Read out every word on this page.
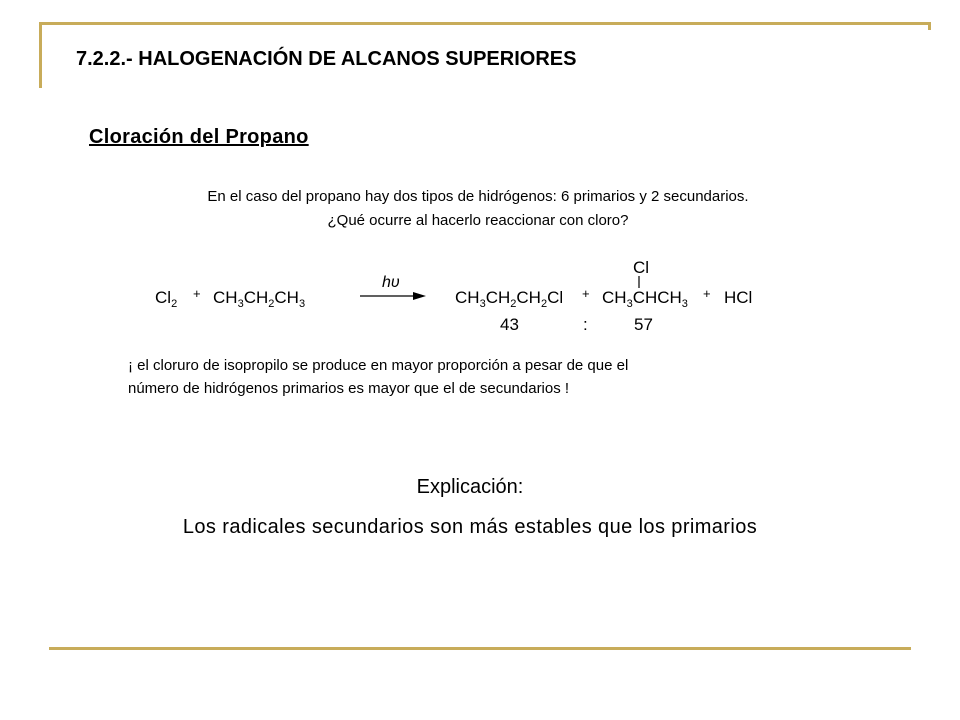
7.2.2.- HALOGENACIÓN DE ALCANOS SUPERIORES
Cloración del Propano
En el caso del propano hay dos tipos de hidrógenos: 6 primarios y 2 secundarios.
¿Qué ocurre al hacerlo reaccionar con cloro?
$Cl_2$
+ $CH_3CH_2CH_3$
hυ
$CH_3CH_2CH_2Cl$ +
Cl
$CH_3CHCH_3$
+ HCl
43	:	57
¡ el cloruro de isopropilo se produce en mayor proporción a pesar de que el
número de hidrógenos primarios es mayor que el de secundarios !
Explicación:
Los radicales secundarios son más estables que los primarios
